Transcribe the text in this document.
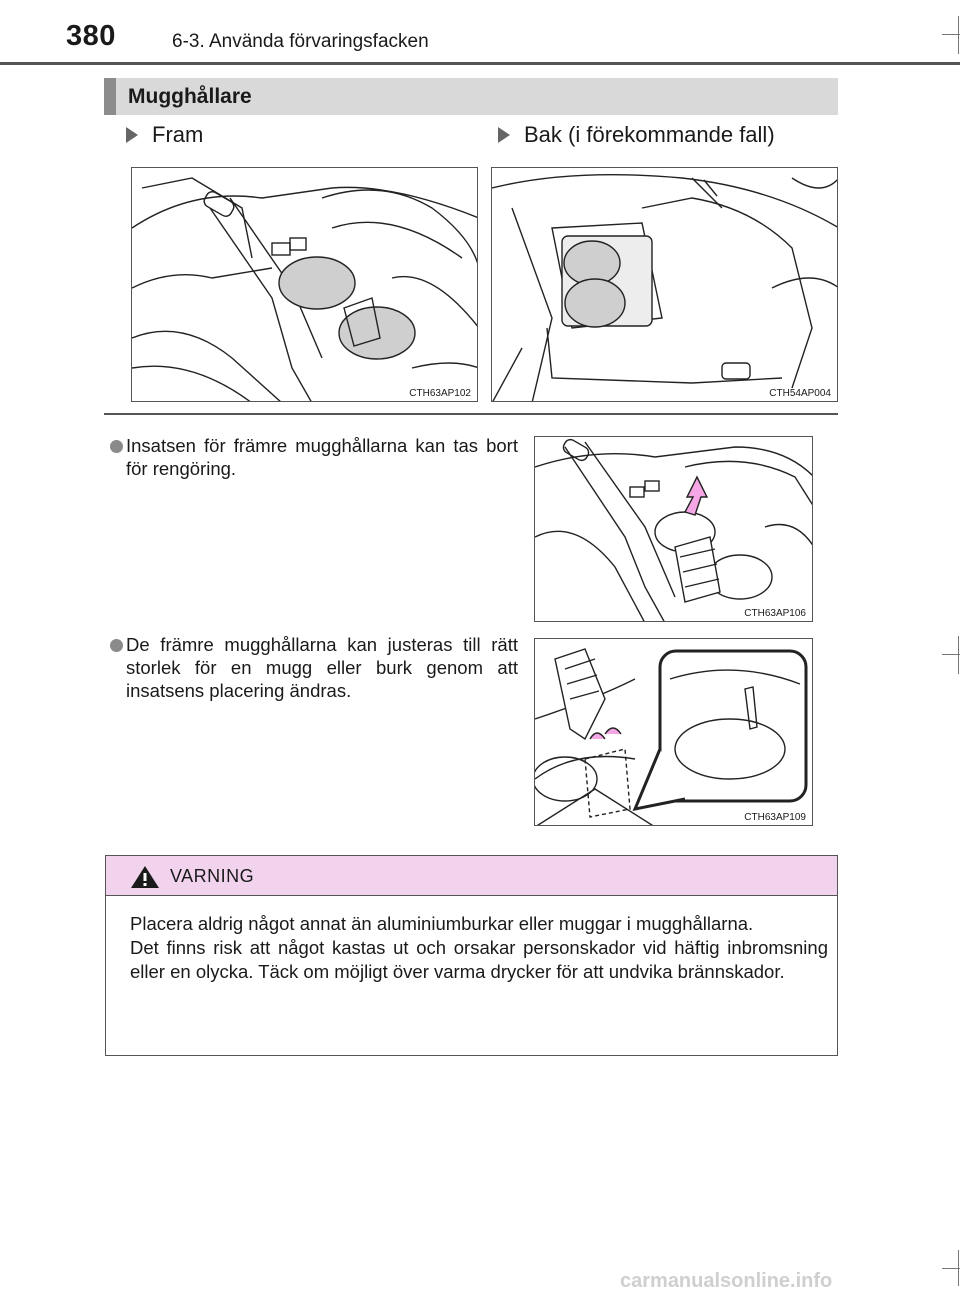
380	6-3. Använda förvaringsfacken
Mugghållare
Fram	Bak (i förekommande fall)
CTH63AP102	CTH54AP004
Insatsen för främre mugghållarna kan tas bort för rengöring.
CTH63AP106
De främre mugghållarna kan justeras till rätt storlek för en mugg eller burk genom att insatsens placering ändras.
CTH63AP109
VARNING

Placera aldrig något annat än aluminiumburkar eller muggar i mugghållarna.

Det finns risk att något kastas ut och orsakar personskador vid häftig inbromsning eller en olycka. Täck om möjligt över varma drycker för att undvika brännskador.

carmanualsonline.info
